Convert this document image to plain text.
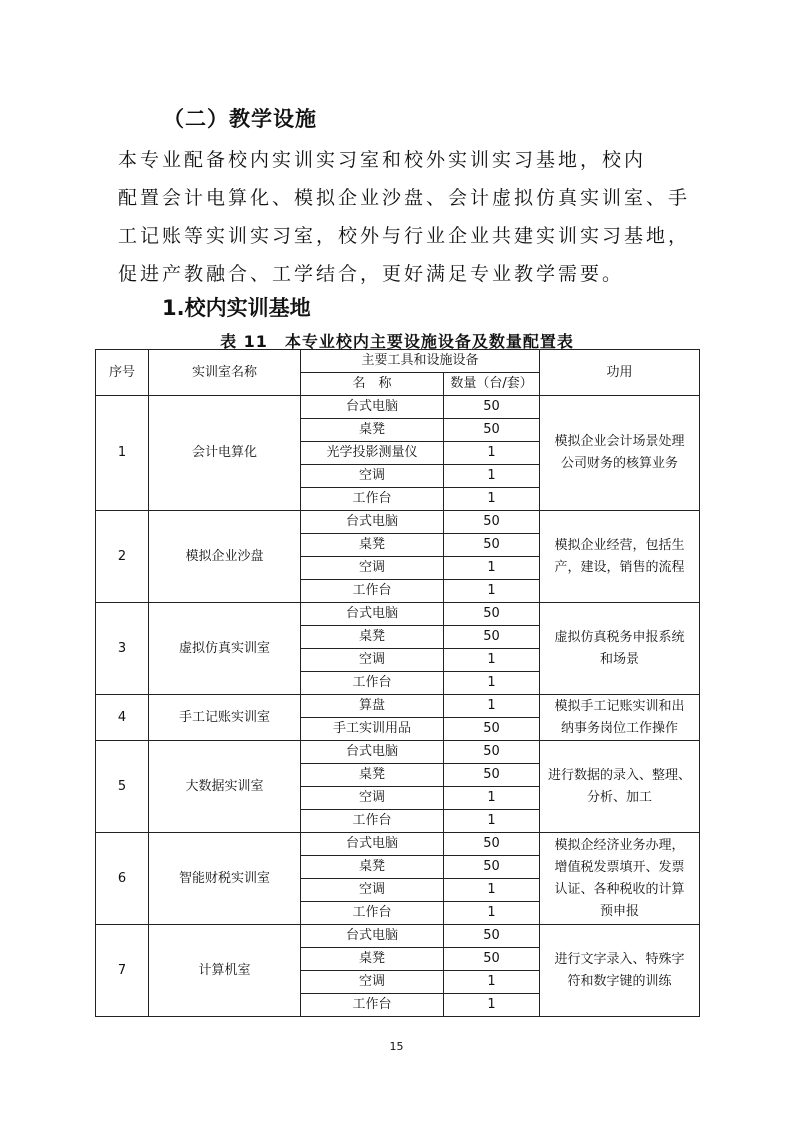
（二）教学设施
本专业配备校内实训实习室和校外实训实习基地，校内
配置会计电算化、模拟企业沙盘、会计虚拟仿真实训室、手
工记账等实训实习室，校外与行业企业共建实训实习基地，
促进产教融合、工学结合，更好满足专业教学需要。
1.校内实训基地
表 11　本专业校内主要设施设备及数量配置表
序号	实训室名称	主要工具和设施设备		功用
		名　称	数量（台/套）	
1	会计电算化	台式电脑	50	模拟企业会计场景处理
公司财务的核算业务

		桌凳	50	
		光学投影测量仪	1	
		空调	1	
		工作台	1	
2	模拟企业沙盘	台式电脑	50	模拟企业经营，包括生
产，建设，销售的流程

		桌凳	50	
		空调	1	
		工作台	1	
3	虚拟仿真实训室	台式电脑	50	虚拟仿真税务申报系统
和场景

		桌凳	50	
		空调	1	
		工作台	1	
4	手工记账实训室	算盘	1	模拟手工记账实训和出
纳事务岗位工作操作

		手工实训用品	50	
5	大数据实训室	台式电脑	50	进行数据的录入、整理、
分析、加工

		桌凳	50	
		空调	1	
		工作台	1	
6	智能财税实训室	台式电脑	50	模拟企经济业务办理，
增值税发票填开、发票
认证、各种税收的计算
预申报

		桌凳	50	
		空调	1	
		工作台	1	
7	计算机室	台式电脑	50	进行文字录入、特殊字
符和数字键的训练

		桌凳	50	
		空调	1	
		工作台	1	
15
